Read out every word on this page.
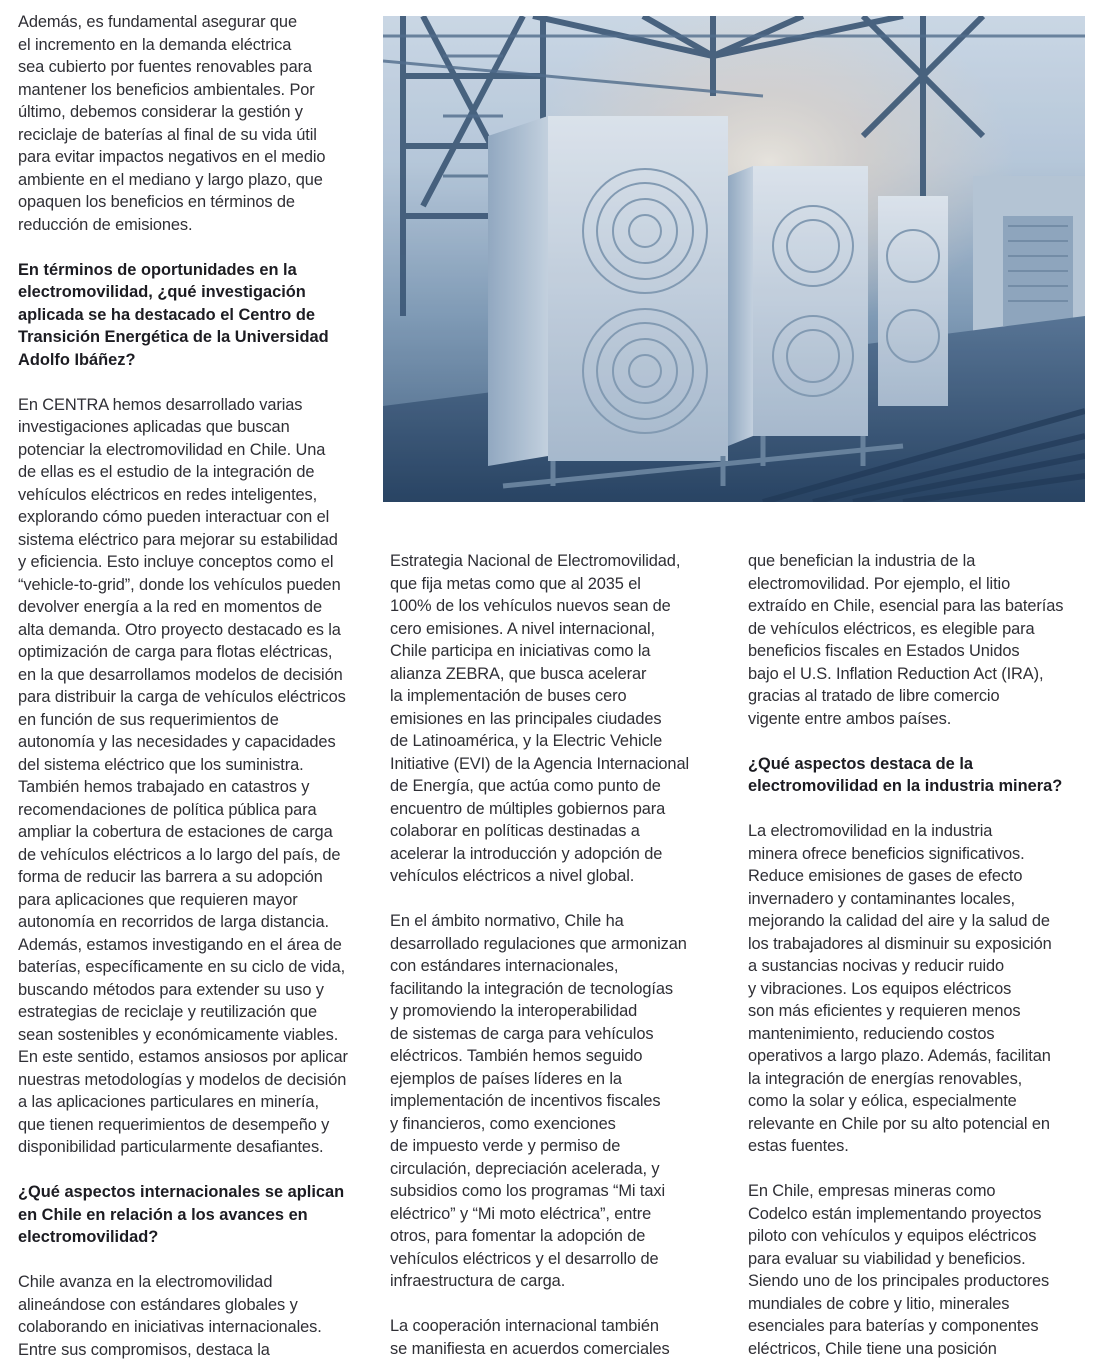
Además, es fundamental asegurar que
el incremento en la demanda eléctrica
sea cubierto por fuentes renovables para
mantener los beneficios ambientales. Por
último, debemos considerar la gestión y
reciclaje de baterías al final de su vida útil
para evitar impactos negativos en el medio
ambiente en el mediano y largo plazo, que
opaquen los beneficios en términos de
reducción de emisiones.

En términos de oportunidades en la
electromovilidad, ¿qué investigación
aplicada se ha destacado el Centro de
Transición Energética de la Universidad
Adolfo Ibáñez?

En CENTRA hemos desarrollado varias
investigaciones aplicadas que buscan
potenciar la electromovilidad en Chile. Una
de ellas es el estudio de la integración de
vehículos eléctricos en redes inteligentes,
explorando cómo pueden interactuar con el
sistema eléctrico para mejorar su estabilidad
y eficiencia. Esto incluye conceptos como el
“vehicle-to-grid”, donde los vehículos pueden
devolver energía a la red en momentos de
alta demanda. Otro proyecto destacado es la
optimización de carga para flotas eléctricas,
en la que desarrollamos modelos de decisión
para distribuir la carga de vehículos eléctricos
en función de sus requerimientos de
autonomía y las necesidades y capacidades
del sistema eléctrico que los suministra.
También hemos trabajado en catastros y
recomendaciones de política pública para
ampliar la cobertura de estaciones de carga
de vehículos eléctricos a lo largo del país, de
forma de reducir las barrera a su adopción
para aplicaciones que requieren mayor
autonomía en recorridos de larga distancia.
Además, estamos investigando en el área de
baterías, específicamente en su ciclo de vida,
buscando métodos para extender su uso y
estrategias de reciclaje y reutilización que
sean sostenibles y económicamente viables.
En este sentido, estamos ansiosos por aplicar
nuestras metodologías y modelos de decisión
a las aplicaciones particulares en minería,
que tienen requerimientos de desempeño y
disponibilidad particularmente desafiantes.

¿Qué aspectos internacionales se aplican
en Chile en relación a los avances en
electromovilidad?

Chile avanza en la electromovilidad
alineándose con estándares globales y
colaborando en iniciativas internacionales.
Entre sus compromisos, destaca la

Estrategia Nacional de Electromovilidad,
que fija metas como que al 2035 el
100% de los vehículos nuevos sean de
cero emisiones. A nivel internacional,
Chile participa en iniciativas como la
alianza ZEBRA, que busca acelerar
la implementación de buses cero
emisiones en las principales ciudades
de Latinoamérica, y la Electric Vehicle
Initiative (EVI) de la Agencia Internacional
de Energía, que actúa como punto de
encuentro de múltiples gobiernos para
colaborar en políticas destinadas a
acelerar la introducción y adopción de
vehículos eléctricos a nivel global.

En el ámbito normativo, Chile ha
desarrollado regulaciones que armonizan
con estándares internacionales,
facilitando la integración de tecnologías
y promoviendo la interoperabilidad
de sistemas de carga para vehículos
eléctricos. También hemos seguido
ejemplos de países líderes en la
implementación de incentivos fiscales
y financieros, como exenciones
de impuesto verde y permiso de
circulación, depreciación acelerada, y
subsidios como los programas “Mi taxi
eléctrico” y “Mi moto eléctrica”, entre
otros, para fomentar la adopción de
vehículos eléctricos y el desarrollo de
infraestructura de carga.

La cooperación internacional también
se manifiesta en acuerdos comerciales

que benefician la industria de la
electromovilidad. Por ejemplo, el litio
extraído en Chile, esencial para las baterías
de vehículos eléctricos, es elegible para
beneficios fiscales en Estados Unidos
bajo el U.S. Inflation Reduction Act (IRA),
gracias al tratado de libre comercio
vigente entre ambos países.

¿Qué aspectos destaca de la
electromovilidad en la industria minera?

La electromovilidad en la industria
minera ofrece beneficios significativos.
Reduce emisiones de gases de efecto
invernadero y contaminantes locales,
mejorando la calidad del aire y la salud de
los trabajadores al disminuir su exposición
a sustancias nocivas y reducir ruido
y vibraciones. Los equipos eléctricos
son más eficientes y requieren menos
mantenimiento, reduciendo costos
operativos a largo plazo. Además, facilitan
la integración de energías renovables,
como la solar y eólica, especialmente
relevante en Chile por su alto potencial en
estas fuentes.

En Chile, empresas mineras como
Codelco están implementando proyectos
piloto con vehículos y equipos eléctricos
para evaluar su viabilidad y beneficios.
Siendo uno de los principales productores
mundiales de cobre y litio, minerales
esenciales para baterías y componentes
eléctricos, Chile tiene una posición
